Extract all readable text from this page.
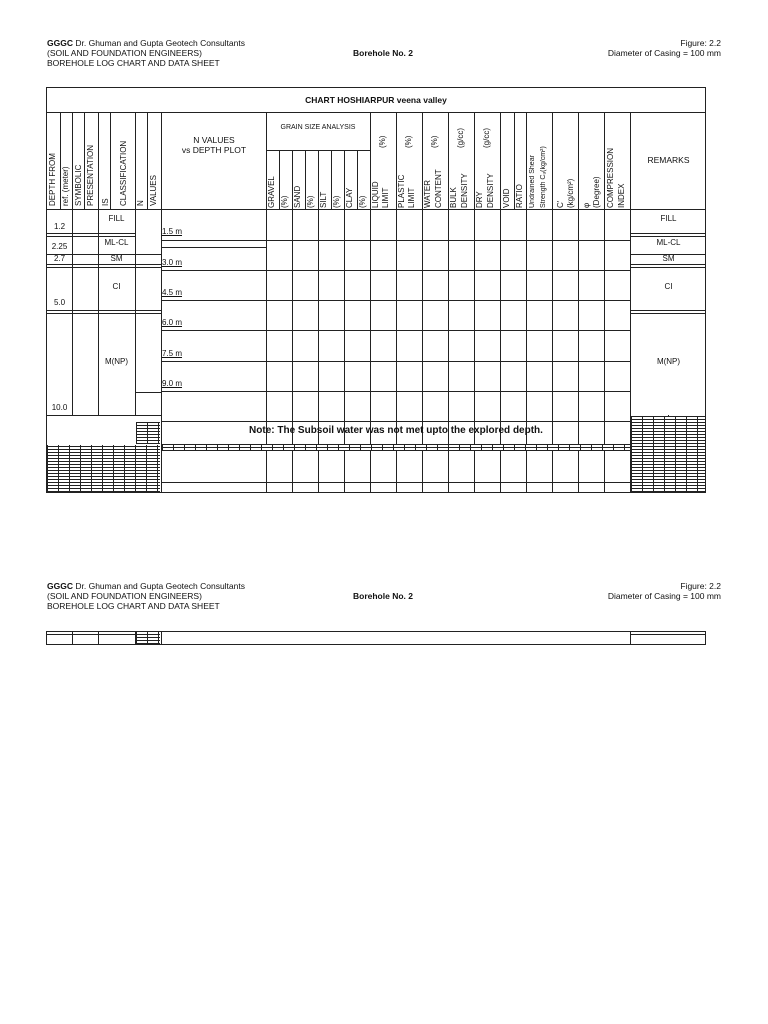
GGGC Dr. Ghuman and Gupta Geotech Consultants
(SOIL AND FOUNDATION ENGINEERS)
BOREHOLE LOG CHART AND DATA SHEET
Borehole No. 2
Figure: 2.2
Diameter of Casing = 100 mm
CHART HOSHIARPUR veena valley
DEPTH FROM ref. (meter) SYMBOLIC PRESENTATION IS CLASSIFICATION N VALUES
N VALUES
vs DEPTH PLOT
GRAIN SIZE ANALYSIS
GRAVEL (%) SAND (%) SILT (%) CLAY (%)
(%) (%) (%) (g/cc) (g/cc)
LIQUID LIMIT PLASTIC LIMIT WATER CONTENT BULK DENSITY DRY DENSITY VOID RATIO Undrained Shear Strength Cᵤ(kg/cm²) C' (kg/cm²) φ (Degree) COMPRESSION INDEX
REMARKS
1.2
2.25
2.7
5.0
10.0
FILL
ML-CL
SM
CI
M(NP)
FILL
ML-CL
SM
CI
M(NP)
1.5 m
3.0 m
4.5 m
6.0 m
7.5 m
9.0 m
Note: The Subsoil water was not met upto the explored depth.
GGGC Dr. Ghuman and Gupta Geotech Consultants
(SOIL AND FOUNDATION ENGINEERS)
BOREHOLE LOG CHART AND DATA SHEET
Borehole No. 2
Figure: 2.2
Diameter of Casing = 100 mm
